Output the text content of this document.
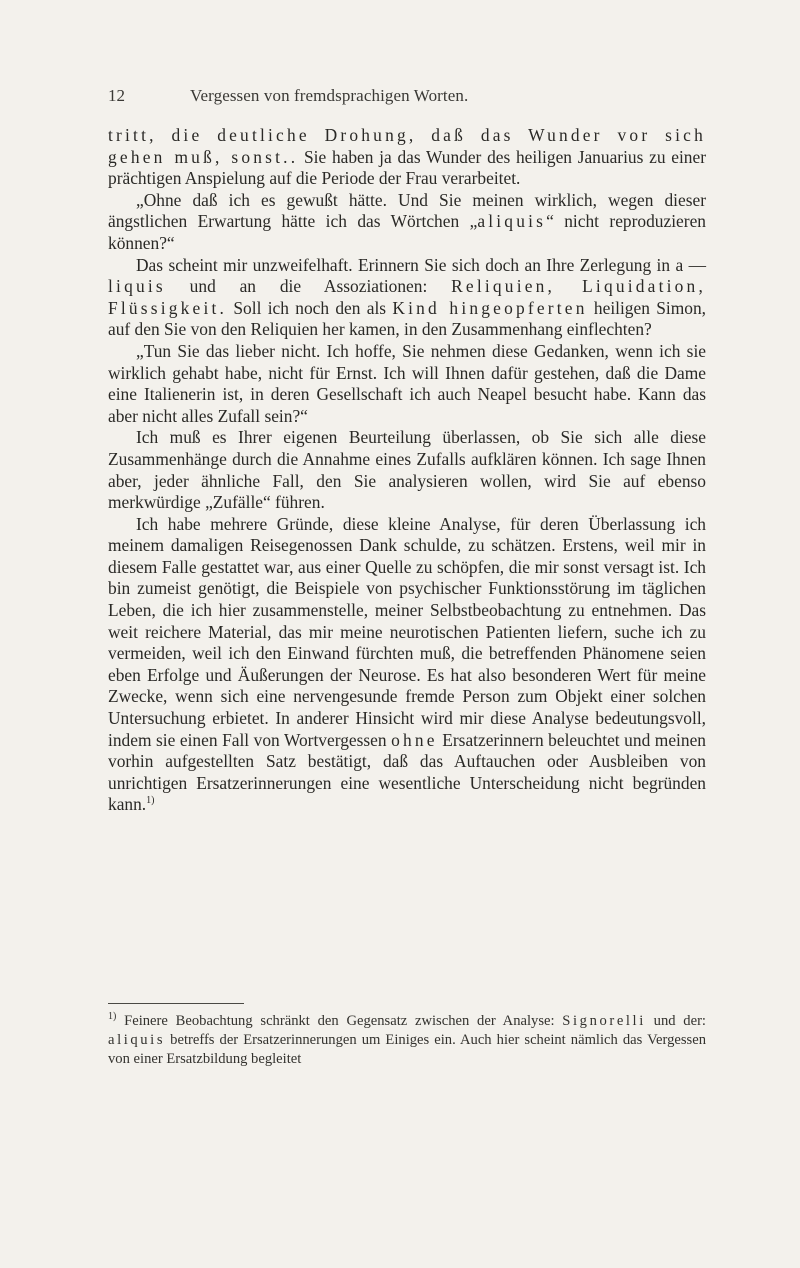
12	Vergessen von fremdsprachigen Worten.

tritt, die deutliche Drohung, daß das Wunder vor sich gehen muß, sonst.. Sie haben ja das Wunder des heiligen Januarius zu einer prächtigen Anspielung auf die Periode der Frau verarbeitet.

„Ohne daß ich es gewußt hätte. Und Sie meinen wirklich, wegen dieser ängstlichen Erwartung hätte ich das Wörtchen „aliquis“ nicht reproduzieren können?“

Das scheint mir unzweifelhaft. Erinnern Sie sich doch an Ihre Zerlegung in a — liquis und an die Assoziationen: Reliquien, Liquidation, Flüssigkeit. Soll ich noch den als Kind hingeopferten heiligen Simon, auf den Sie von den Reliquien her kamen, in den Zusammenhang einflechten?

„Tun Sie das lieber nicht. Ich hoffe, Sie nehmen diese Gedanken, wenn ich sie wirklich gehabt habe, nicht für Ernst. Ich will Ihnen dafür gestehen, daß die Dame eine Italienerin ist, in deren Gesellschaft ich auch Neapel besucht habe. Kann das aber nicht alles Zufall sein?“

Ich muß es Ihrer eigenen Beurteilung überlassen, ob Sie sich alle diese Zusammenhänge durch die Annahme eines Zufalls aufklären können. Ich sage Ihnen aber, jeder ähnliche Fall, den Sie analysieren wollen, wird Sie auf ebenso merkwürdige „Zufälle“ führen.

Ich habe mehrere Gründe, diese kleine Analyse, für deren Überlassung ich meinem damaligen Reisegenossen Dank schulde, zu schätzen. Erstens, weil mir in diesem Falle gestattet war, aus einer Quelle zu schöpfen, die mir sonst versagt ist. Ich bin zumeist genötigt, die Beispiele von psychischer Funktionsstörung im täglichen Leben, die ich hier zusammenstelle, meiner Selbstbeobachtung zu entnehmen. Das weit reichere Material, das mir meine neurotischen Patienten liefern, suche ich zu vermeiden, weil ich den Einwand fürchten muß, die betreffenden Phänomene seien eben Erfolge und Äußerungen der Neurose. Es hat also besonderen Wert für meine Zwecke, wenn sich eine nervengesunde fremde Person zum Objekt einer solchen Untersuchung erbietet. In anderer Hinsicht wird mir diese Analyse bedeutungsvoll, indem sie einen Fall von Wortvergessen ohne Ersatzerinnern beleuchtet und meinen vorhin aufgestellten Satz bestätigt, daß das Auftauchen oder Ausbleiben von unrichtigen Ersatzerinnerungen eine wesentliche Unterscheidung nicht begründen kann.$^{1)}$

$^{1)}$ Feinere Beobachtung schränkt den Gegensatz zwischen der Analyse: Signorelli und der: aliquis betreffs der Ersatzerinnerungen um Einiges ein. Auch hier scheint nämlich das Vergessen von einer Ersatzbildung begleitet
